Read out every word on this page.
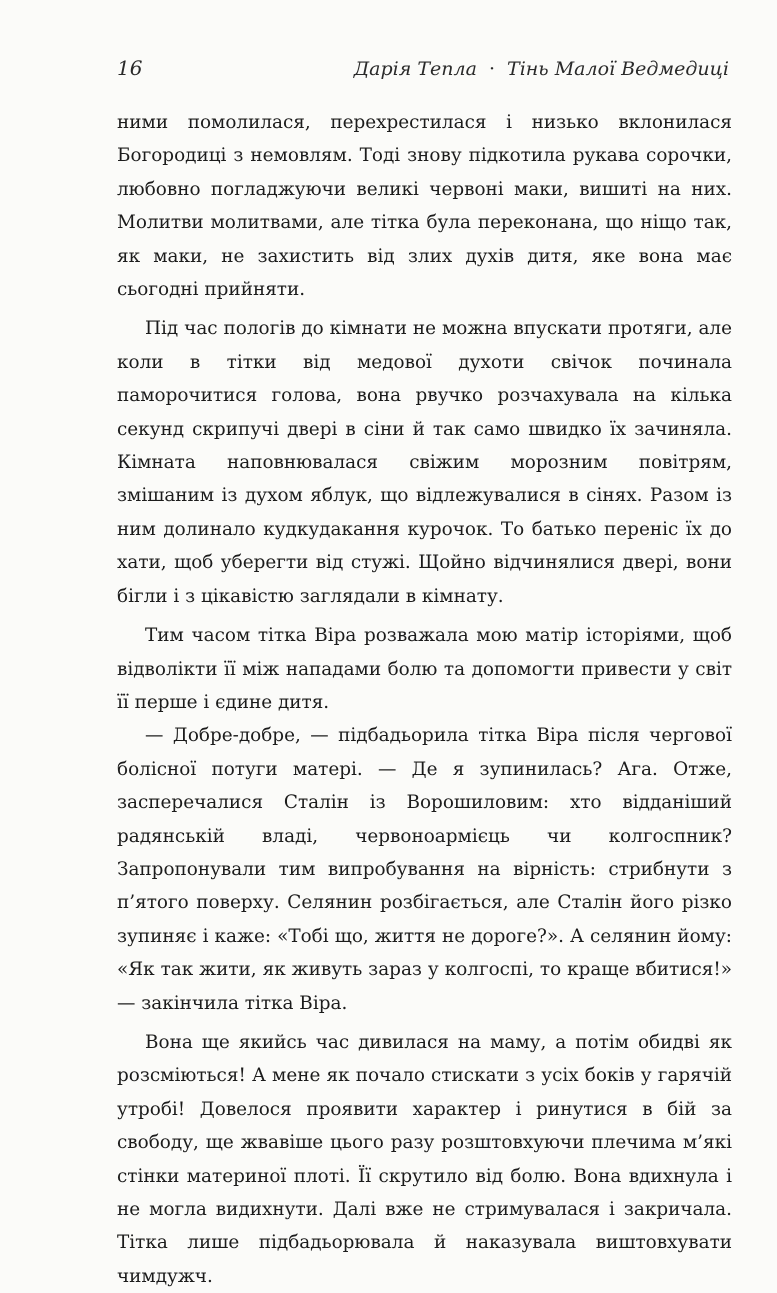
16	Дарія Тепла · Тінь Малої Ведмедиці

ними помолилася, перехрестилася і низько вклонилася Богородиці з немовлям. Тоді знову підкотила рукава сорочки, любовно погладжуючи великі червоні маки, вишиті на них. Молитви молитвами, але тітка була переконана, що ніщо так, як маки, не захистить від злих духів дитя, яке вона має сьогодні прийняти.

Під час пологів до кімнати не можна впускати протяги, але коли в тітки від медової духоти свічок починала паморочитися голова, вона рвучко розчахувала на кілька секунд скрипучі двері в сіни й так само швидко їх зачиняла. Кімната наповнювалася свіжим морозним повітрям, змішаним із духом яблук, що відлежувалися в сінях. Разом із ним долинало кудкудакання курочок. То батько переніс їх до хати, щоб уберегти від стужі. Щойно відчинялися двері, вони бігли і з цікавістю заглядали в кімнату.

Тим часом тітка Віра розважала мою матір історіями, щоб відволікти її між нападами болю та допомогти привести у світ її перше і єдине дитя.

— Добре-добре, — підбадьорила тітка Віра після чергової болісної потуги матері. — Де я зупинилась? Ага. Отже, засперечалися Сталін із Ворошиловим: хто відданіший радянській владі, червоноармієць чи колгоспник? Запропонували тим випробування на вірність: стрибнути з п’ятого поверху. Селянин розбігається, але Сталін його різко зупиняє і каже: «Тобі що, життя не дороге?». А селянин йому: «Як так жити, як живуть зараз у колгоспі, то краще вбитися!» — закінчила тітка Віра.

Вона ще якийсь час дивилася на маму, а потім обидві як розсміються! А мене як почало стискати з усіх боків у гарячій утробі! Довелося проявити характер і ринутися в бій за свободу, ще жвавіше цього разу розштовхуючи плечима м’які стінки материної плоті. Її скрутило від болю. Вона вдихнула і не могла видихнути. Далі вже не стримувалася і закричала. Тітка лише підбадьорювала й наказувала виштовхувати чимдужч.
